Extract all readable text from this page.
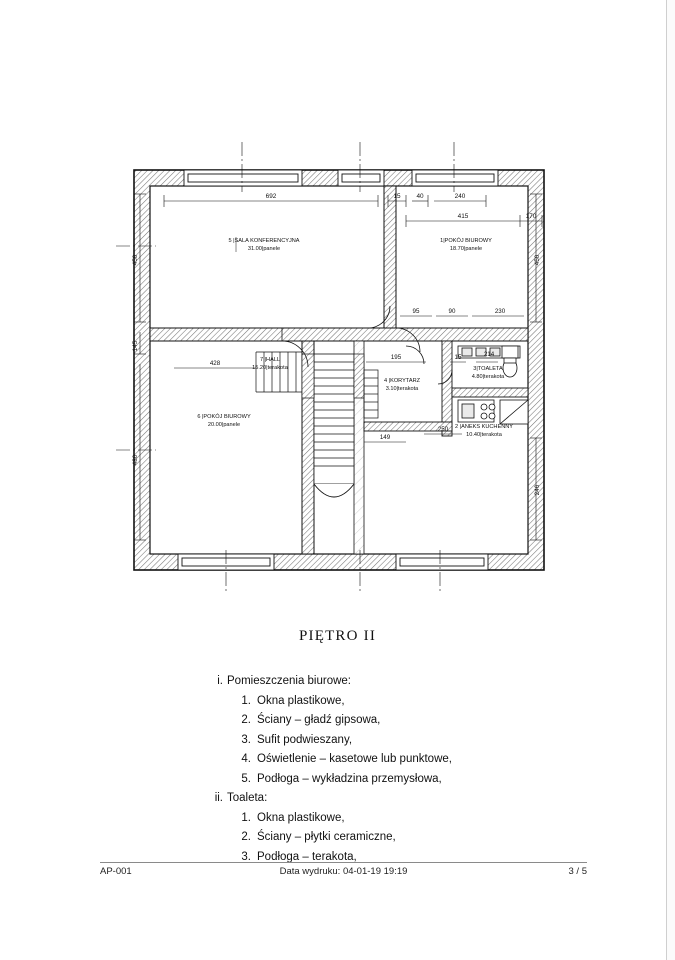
692	15 40	240
415	170
450
145
480
450
246
95	90	230
195	15	214
250
149
428
5 |SALA KONFERENCYJNA
31.00|panele
1|POKÓJ BIUROWY
18.70|panele
7 |HALL
15.20|terakota
6 |POKÓJ BIUROWY
20.00|panele
4 |KORYTARZ
3.10|terakota
3|TOALETA
4.80|terakota
2 |ANEKS KUCHENNY
10.40|terakota
PIĘTRO II
i. Pomieszczenia biurowe:
1. Okna plastikowe,
2. Ściany – gładź gipsowa,
3. Sufit podwieszany,
4. Oświetlenie – kasetowe lub punktowe,
5. Podłoga – wykładzina przemysłowa,
ii. Toaleta:
1. Okna plastikowe,
2. Ściany – płytki ceramiczne,
3. Podłoga – terakota,
AP-001	Data wydruku: 04-01-19 19:19	3 / 5
